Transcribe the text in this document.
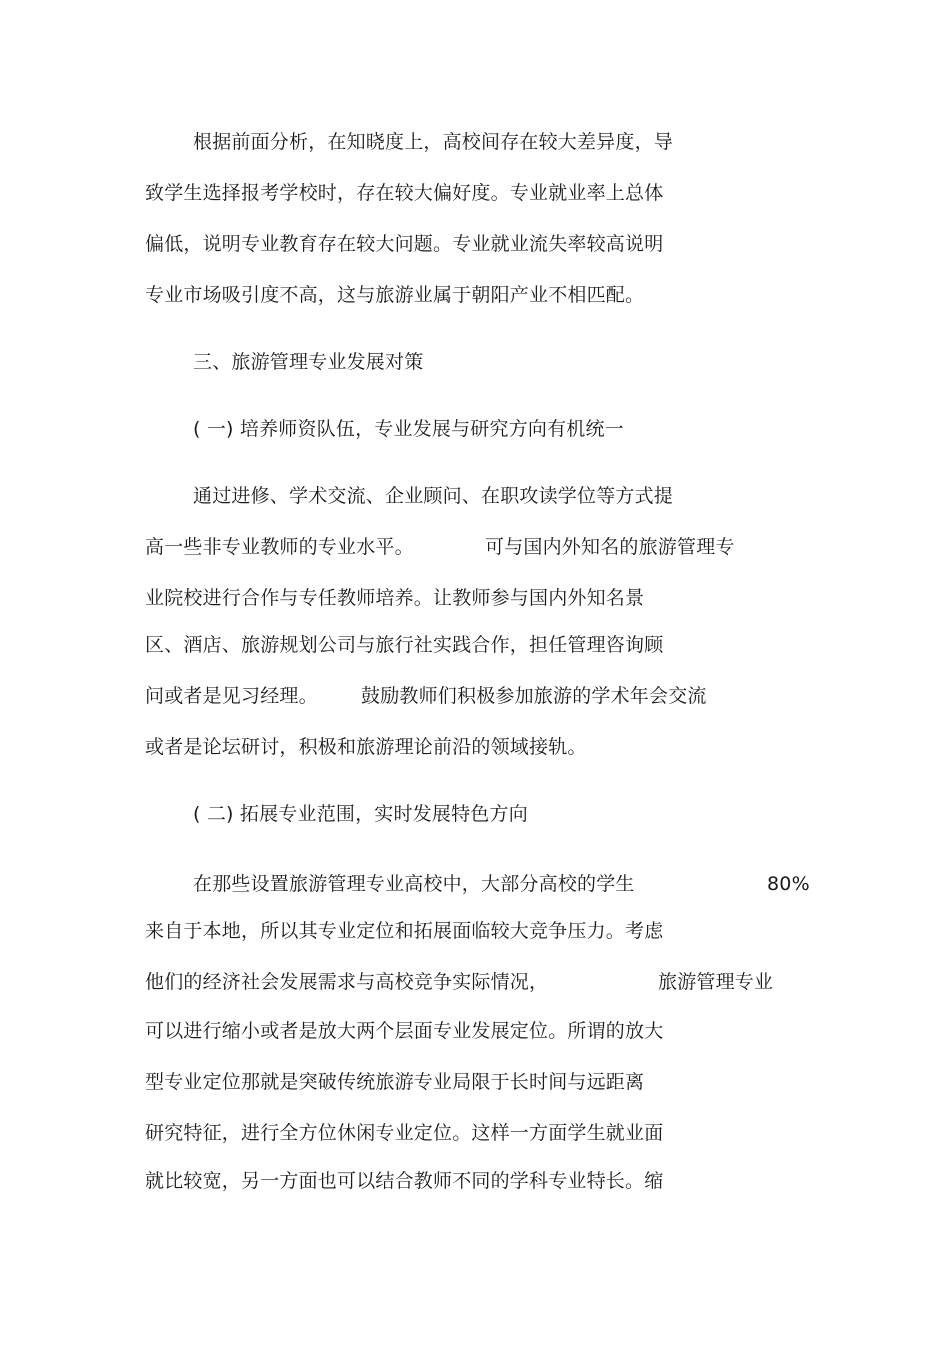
根据前面分析，在知晓度上，高校间存在较大差异度，导
致学生选择报考学校时，存在较大偏好度。专业就业率上总体
偏低，说明专业教育存在较大问题。专业就业流失率较高说明
专业市场吸引度不高，这与旅游业属于朝阳产业不相匹配。
三、旅游管理专业发展对策
( 一) 培养师资队伍，专业发展与研究方向有机统一
通过进修、学术交流、企业顾问、在职攻读学位等方式提
高一些非专业教师的专业水平。	可与国内外知名的旅游管理专
业院校进行合作与专任教师培养。让教师参与国内外知名景
区、酒店、旅游规划公司与旅行社实践合作，担任管理咨询顾
问或者是见习经理。 鼓励教师们积极参加旅游的学术年会交流
或者是论坛研讨，积极和旅游理论前沿的领域接轨。
( 二) 拓展专业范围，实时发展特色方向
在那些设置旅游管理专业高校中，大部分高校的学生	80%
来自于本地，所以其专业定位和拓展面临较大竞争压力。考虑
他们的经济社会发展需求与高校竞争实际情况，	旅游管理专业
可以进行缩小或者是放大两个层面专业发展定位。所谓的放大
型专业定位那就是突破传统旅游专业局限于长时间与远距离
研究特征，进行全方位休闲专业定位。这样一方面学生就业面
就比较宽，另一方面也可以结合教师不同的学科专业特长。缩
